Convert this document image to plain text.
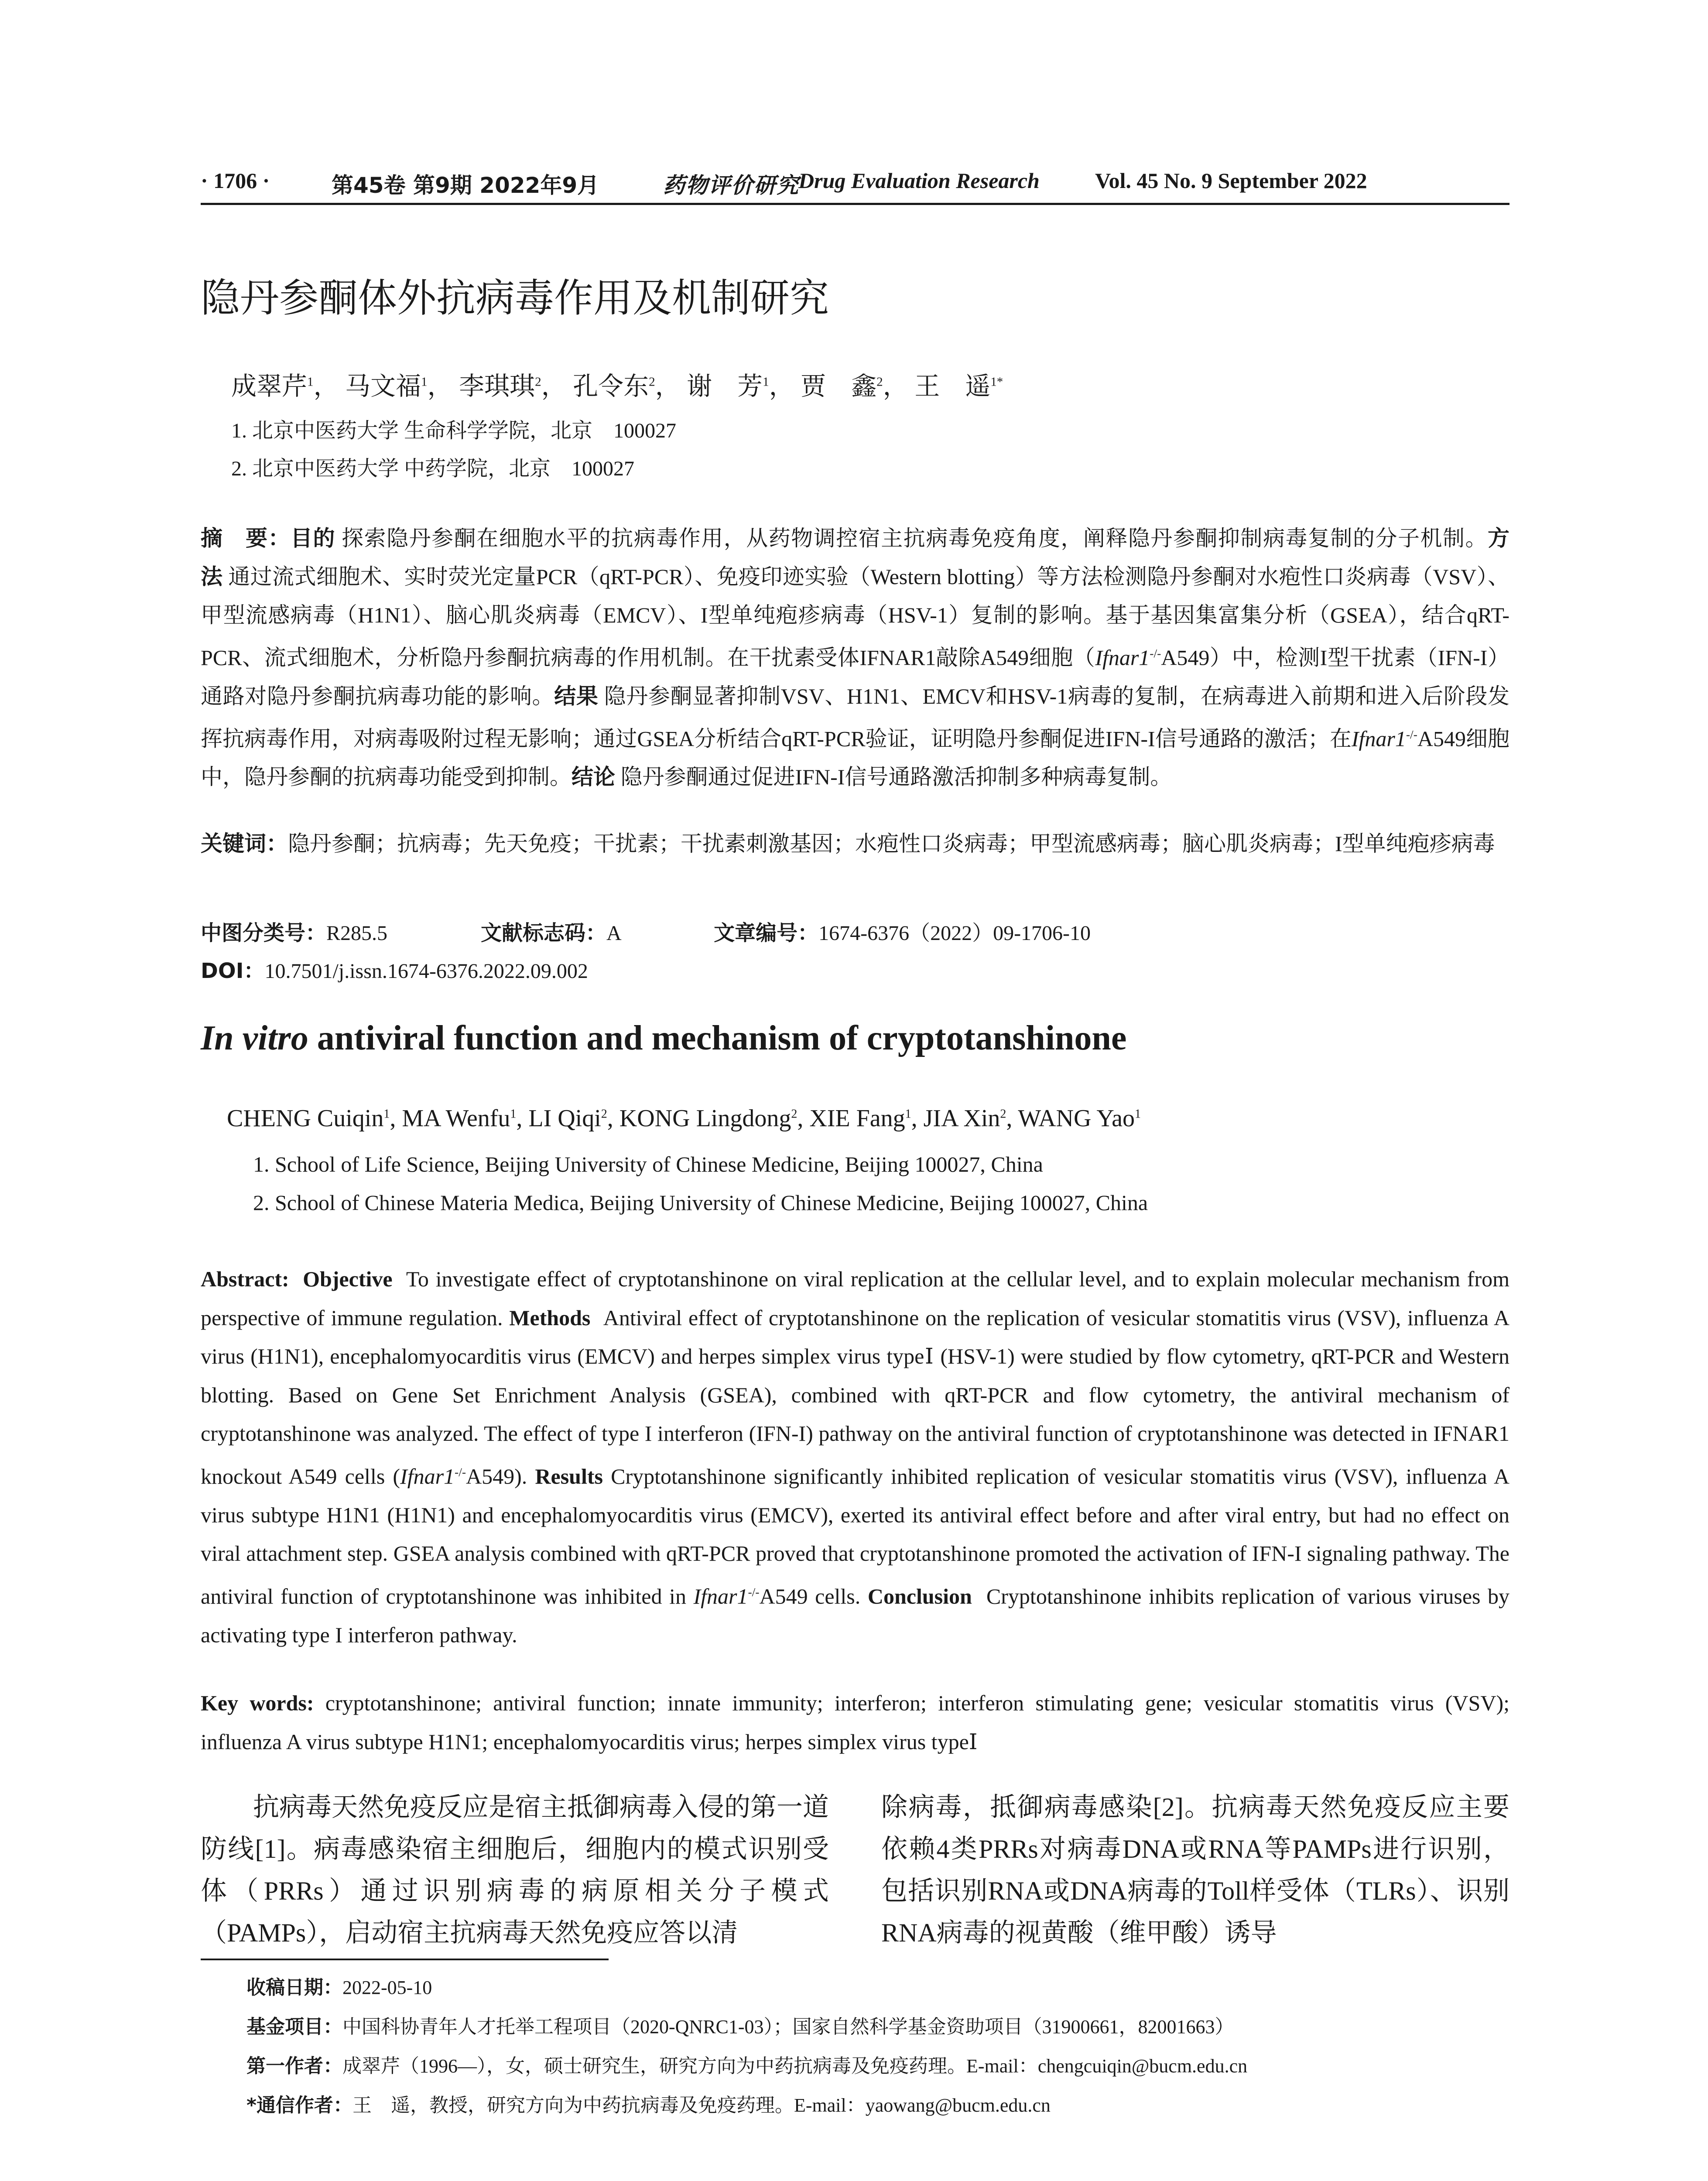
· 1706 ·	第45卷 第9期 2022年9月	药物评价研究
Drug Evaluation Research	Vol. 45 No. 9 September 2022
隐丹参酮体外抗病毒作用及机制研究
成翠芹$^1$， 马文福$^1$， 李琪琪$^2$， 孔令东$^2$， 谢　芳$^1$， 贾　鑫$^2$， 王　遥$^{1*}$
1. 北京中医药大学 生命科学学院，北京　100027
2. 北京中医药大学 中药学院，北京　100027
摘　要：目的 探索隐丹参酮在细胞水平的抗病毒作用，从药物调控宿主抗病毒免疫角度，阐释隐丹参酮抑制病毒复制的分子机制。方法 通过流式细胞术、实时荧光定量PCR（qRT-PCR）、免疫印迹实验（Western blotting）等方法检测隐丹参酮对水疱性口炎病毒（VSV）、甲型流感病毒（H1N1）、脑心肌炎病毒（EMCV）、I型单纯疱疹病毒（HSV-1）复制的影响。基于基因集富集分析（GSEA），结合qRT-PCR、流式细胞术，分析隐丹参酮抗病毒的作用机制。在干扰素受体IFNAR1敲除A549细胞（Ifnar1-/-A549）中，检测I型干扰素（IFN-I）通路对隐丹参酮抗病毒功能的影响。结果 隐丹参酮显著抑制VSV、H1N1、EMCV和HSV-1病毒的复制，在病毒进入前期和进入后阶段发挥抗病毒作用，对病毒吸附过程无影响；通过GSEA分析结合qRT-PCR验证，证明隐丹参酮促进IFN-I信号通路的激活；在Ifnar1-/-A549细胞中，隐丹参酮的抗病毒功能受到抑制。结论 隐丹参酮通过促进IFN-I信号通路激活抑制多种病毒复制。
关键词：隐丹参酮；抗病毒；先天免疫；干扰素；干扰素刺激基因；水疱性口炎病毒；甲型流感病毒；脑心肌炎病毒；I型单纯疱疹病毒
中图分类号：R285.5	文献标志码：A	文章编号：1674-6376（2022）09-1706-10
DOI：10.7501/j.issn.1674-6376.2022.09.002
In vitro antiviral function and mechanism of cryptotanshinone
CHENG Cuiqin$^1$, MA Wenfu$^1$, LI Qiqi$^2$, KONG Lingdong$^2$, XIE Fang$^1$, JIA Xin$^2$, WANG Yao$^1$
1. School of Life Science, Beijing University of Chinese Medicine, Beijing 100027, China
2. School of Chinese Materia Medica, Beijing University of Chinese Medicine, Beijing 100027, China
Abstract: Objective To investigate effect of cryptotanshinone on viral replication at the cellular level, and to explain molecular mechanism from perspective of immune regulation. Methods Antiviral effect of cryptotanshinone on the replication of vesicular stomatitis virus (VSV), influenza A virus (H1N1), encephalomyocarditis virus (EMCV) and herpes simplex virus typeⅠ (HSV-1) were studied by flow cytometry, qRT-PCR and Western blotting. Based on Gene Set Enrichment Analysis (GSEA), combined with qRT-PCR and flow cytometry, the antiviral mechanism of cryptotanshinone was analyzed. The effect of type I interferon (IFN-I) pathway on the antiviral function of cryptotanshinone was detected in IFNAR1 knockout A549 cells (Ifnar1-/-A549). Results Cryptotanshinone significantly inhibited replication of vesicular stomatitis virus (VSV), influenza A virus subtype H1N1 (H1N1) and encephalomyocarditis virus (EMCV), exerted its antiviral effect before and after viral entry, but had no effect on viral attachment step. GSEA analysis combined with qRT-PCR proved that cryptotanshinone promoted the activation of IFN-I signaling pathway. The antiviral function of cryptotanshinone was inhibited in Ifnar1-/-A549 cells. Conclusion Cryptotanshinone inhibits replication of various viruses by activating type I interferon pathway.
Key words: cryptotanshinone; antiviral function; innate immunity; interferon; interferon stimulating gene; vesicular stomatitis virus (VSV); influenza A virus subtype H1N1; encephalomyocarditis virus; herpes simplex virus typeⅠ
抗病毒天然免疫反应是宿主抵御病毒入侵的第一道防线[1]。病毒感染宿主细胞后，细胞内的模式识别受体（PRRs）通过识别病毒的病原相关分子模式（PAMPs），启动宿主抗病毒天然免疫应答以清
除病毒，抵御病毒感染[2]。抗病毒天然免疫反应主要依赖4类PRRs对病毒DNA或RNA等PAMPs进行识别，包括识别RNA或DNA病毒的Toll样受体（TLRs）、识别RNA病毒的视黄酸（维甲酸）诱导
收稿日期：2022-05-10
基金项目：中国科协青年人才托举工程项目（2020-QNRC1-03）；国家自然科学基金资助项目（31900661，82001663）
第一作者：成翠芹（1996—），女，硕士研究生，研究方向为中药抗病毒及免疫药理。E-mail：chengcuiqin@bucm.edu.cn
*通信作者：王　遥，教授，研究方向为中药抗病毒及免疫药理。E-mail：yaowang@bucm.edu.cn
